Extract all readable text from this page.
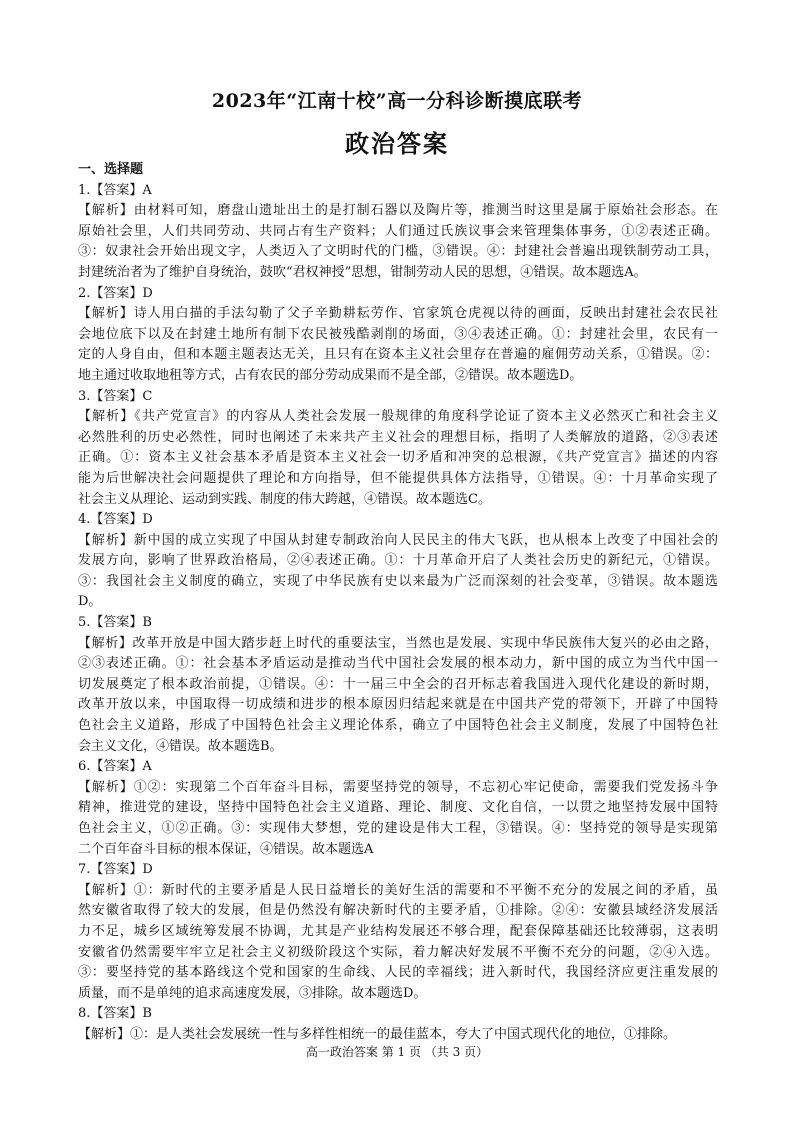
2023年“江南十校”高一分科诊断摸底联考
政治答案
一、选择题
1.【答案】A
【解析】由材料可知，磨盘山遗址出土的是打制石器以及陶片等，推测当时这里是属于原始社会形态。在
原始社会里，人们共同劳动、共同占有生产资料；人们通过氏族议事会来管理集体事务，①②表述正确。
③：奴隶社会开始出现文字，人类迈入了文明时代的门槛，③错误。④：封建社会普遍出现铁制劳动工具，
封建统治者为了维护自身统治，鼓吹“君权神授”思想，钳制劳动人民的思想，④错误。故本题选A。
2.【答案】D
【解析】诗人用白描的手法勾勒了父子辛勤耕耘劳作、官家筑仓虎视以待的画面，反映出封建社会农民社
会地位底下以及在封建土地所有制下农民被残酷剥削的场面，③④表述正确。①：封建社会里，农民有一
定的人身自由，但和本题主题表达无关，且只有在资本主义社会里存在普遍的雇佣劳动关系，①错误。②：
地主通过收取地租等方式，占有农民的部分劳动成果而不是全部，②错误。故本题选D。
3.【答案】C
【解析】《共产党宣言》的内容从人类社会发展一般规律的角度科学论证了资本主义必然灭亡和社会主义
必然胜利的历史必然性，同时也阐述了未来共产主义社会的理想目标，指明了人类解放的道路，②③表述
正确。①：资本主义社会基本矛盾是资本主义社会一切矛盾和冲突的总根源，《共产党宣言》描述的内容
能为后世解决社会问题提供了理论和方向指导，但不能提供具体方法指导，①错误。④：十月革命实现了
社会主义从理论、运动到实践、制度的伟大跨越，④错误。故本题选C。
4.【答案】D
【解析】新中国的成立实现了中国从封建专制政治向人民民主的伟大飞跃，也从根本上改变了中国社会的
发展方向，影响了世界政治格局，②④表述正确。①：十月革命开启了人类社会历史的新纪元，①错误。
③：我国社会主义制度的确立，实现了中华民族有史以来最为广泛而深刻的社会变革，③错误。故本题选
D。
5.【答案】B
【解析】改革开放是中国大踏步赶上时代的重要法宝，当然也是发展、实现中华民族伟大复兴的必由之路，
②③表述正确。①：社会基本矛盾运动是推动当代中国社会发展的根本动力，新中国的成立为当代中国一
切发展奠定了根本政治前提，①错误。④：十一届三中全会的召开标志着我国进入现代化建设的新时期，
改革开放以来，中国取得一切成绩和进步的根本原因归结起来就是在中国共产党的带领下，开辟了中国特
色社会主义道路，形成了中国特色社会主义理论体系，确立了中国特色社会主义制度，发展了中国特色社
会主义文化，④错误。故本题选B。
6.【答案】A
【解析】①②：实现第二个百年奋斗目标，需要坚持党的领导，不忘初心牢记使命，需要我们党发扬斗争
精神，推进党的建设，坚持中国特色社会主义道路、理论、制度、文化自信，一以贯之地坚持发展中国特
色社会主义，①②正确。③：实现伟大梦想，党的建设是伟大工程，③错误。④：坚持党的领导是实现第
二个百年奋斗目标的根本保证，④错误。故本题选A
7.【答案】D
【解析】①：新时代的主要矛盾是人民日益增长的美好生活的需要和不平衡不充分的发展之间的矛盾，虽
然安徽省取得了较大的发展，但是仍然没有解决新时代的主要矛盾，①排除。②④：安徽县域经济发展活
力不足，城乡区域统筹发展不协调，尤其是产业结构发展还不够合理，配套保障基础还比较薄弱，这表明
安徽省仍然需要牢牢立足社会主义初级阶段这个实际，着力解决好发展不平衡不充分的问题，②④入选。
③：要坚持党的基本路线这个党和国家的生命线、人民的幸福线；进入新时代，我国经济应更注重发展的
质量，而不是单纯的追求高速度发展，③排除。故本题选D。
8.【答案】B
【解析】①：是人类社会发展统一性与多样性相统一的最佳蓝本，夸大了中国式现代化的地位，①排除。
高一政治答案 第 1 页 （共 3 页）
